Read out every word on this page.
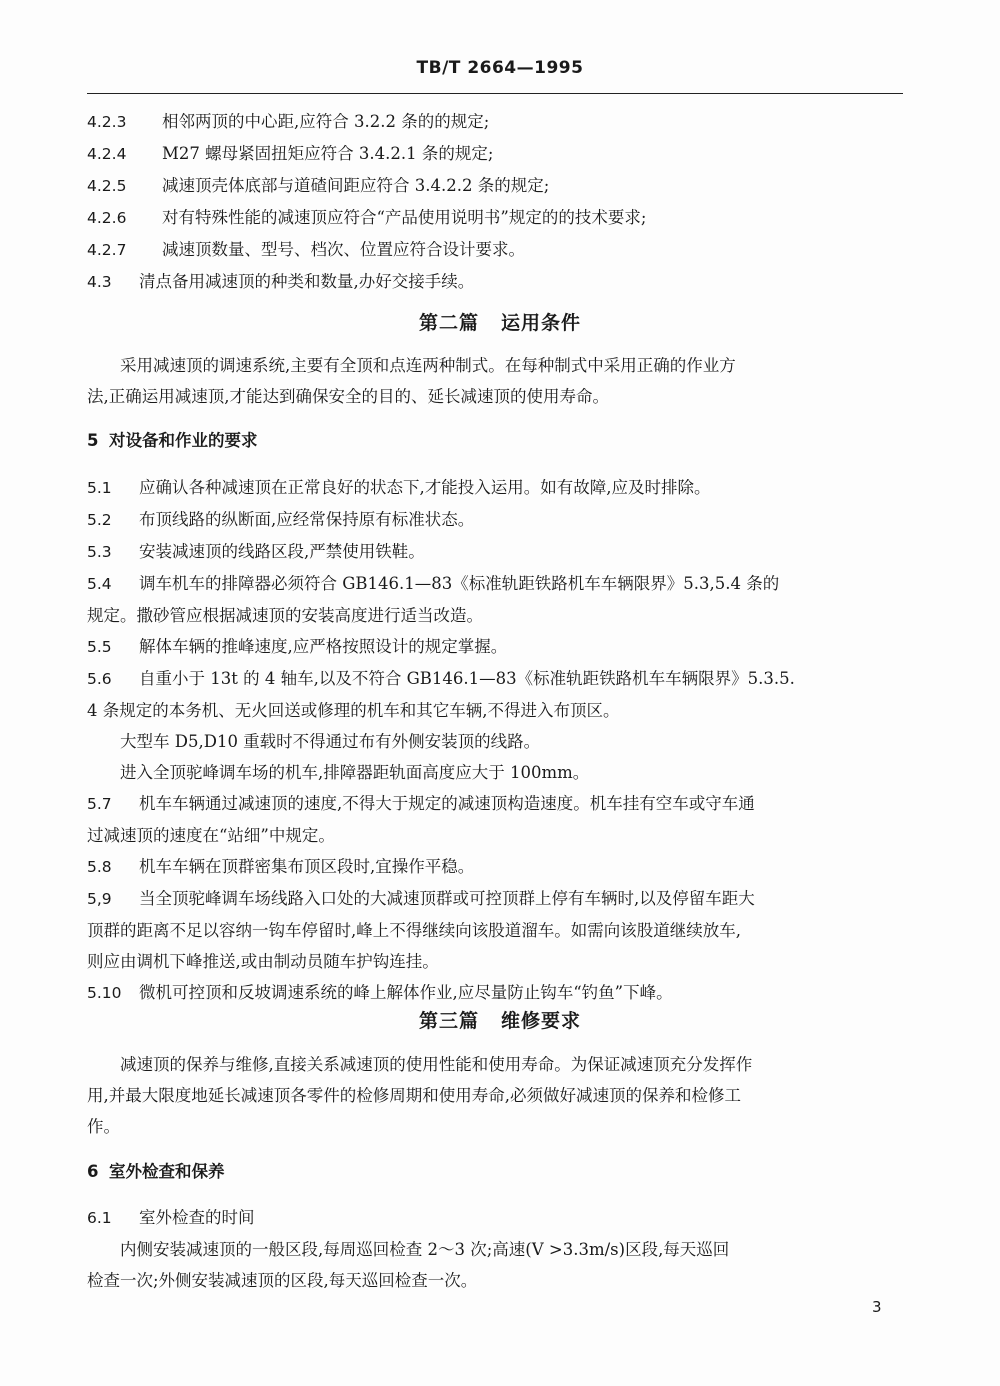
TB/T 2664—1995
4.2.3 相邻两顶的中心距,应符合 3.2.2 条的的规定;
4.2.4 M27 螺母紧固扭矩应符合 3.4.2.1 条的规定;
4.2.5 减速顶壳体底部与道碴间距应符合 3.4.2.2 条的规定;
4.2.6 对有特殊性能的减速顶应符合“产品使用说明书”规定的的技术要求;
4.2.7 减速顶数量、型号、档次、位置应符合设计要求。
4.3 清点备用减速顶的种类和数量,办好交接手续。
第二篇 运用条件
采用减速顶的调速系统,主要有全顶和点连两种制式。在每种制式中采用正确的作业方
法,正确运用减速顶,才能达到确保安全的目的、延长减速顶的使用寿命。
5 对设备和作业的要求
5.1 应确认各种减速顶在正常良好的状态下,才能投入运用。如有故障,应及时排除。
5.2 布顶线路的纵断面,应经常保持原有标准状态。
5.3 安装减速顶的线路区段,严禁使用铁鞋。
5.4 调车机车的排障器必须符合 GB146.1—83《标准轨距铁路机车车辆限界》5.3,5.4 条的
规定。撒砂管应根据减速顶的安装高度进行适当改造。
5.5 解体车辆的推峰速度,应严格按照设计的规定掌握。
5.6 自重小于 13t 的 4 轴车,以及不符合 GB146.1—83《标准轨距铁路机车车辆限界》5.3.5.
4 条规定的本务机、无火回送或修理的机车和其它车辆,不得进入布顶区。
大型车 D5,D10 重载时不得通过布有外侧安装顶的线路。
进入全顶驼峰调车场的机车,排障器距轨面高度应大于 100mm。
5.7 机车车辆通过减速顶的速度,不得大于规定的减速顶构造速度。机车挂有空车或守车通
过减速顶的速度在“站细”中规定。
5.8 机车车辆在顶群密集布顶区段时,宜操作平稳。
5,9 当全顶驼峰调车场线路入口处的大减速顶群或可控顶群上停有车辆时,以及停留车距大
顶群的距离不足以容纳一钩车停留时,峰上不得继续向该股道溜车。如需向该股道继续放车,
则应由调机下峰推送,或由制动员随车护钩连挂。
5.10 微机可控顶和反坡调速系统的峰上解体作业,应尽量防止钩车“钓鱼”下峰。
第三篇 维修要求
减速顶的保养与维修,直接关系减速顶的使用性能和使用寿命。为保证减速顶充分发挥作
用,并最大限度地延长减速顶各零件的检修周期和使用寿命,必须做好减速顶的保养和检修工
作。
6 室外检查和保养
6.1 室外检查的时间
内侧安装减速顶的一般区段,每周巡回检查 2～3 次;高速(V >3.3m/s)区段,每天巡回
检查一次;外侧安装减速顶的区段,每天巡回检查一次。
3
